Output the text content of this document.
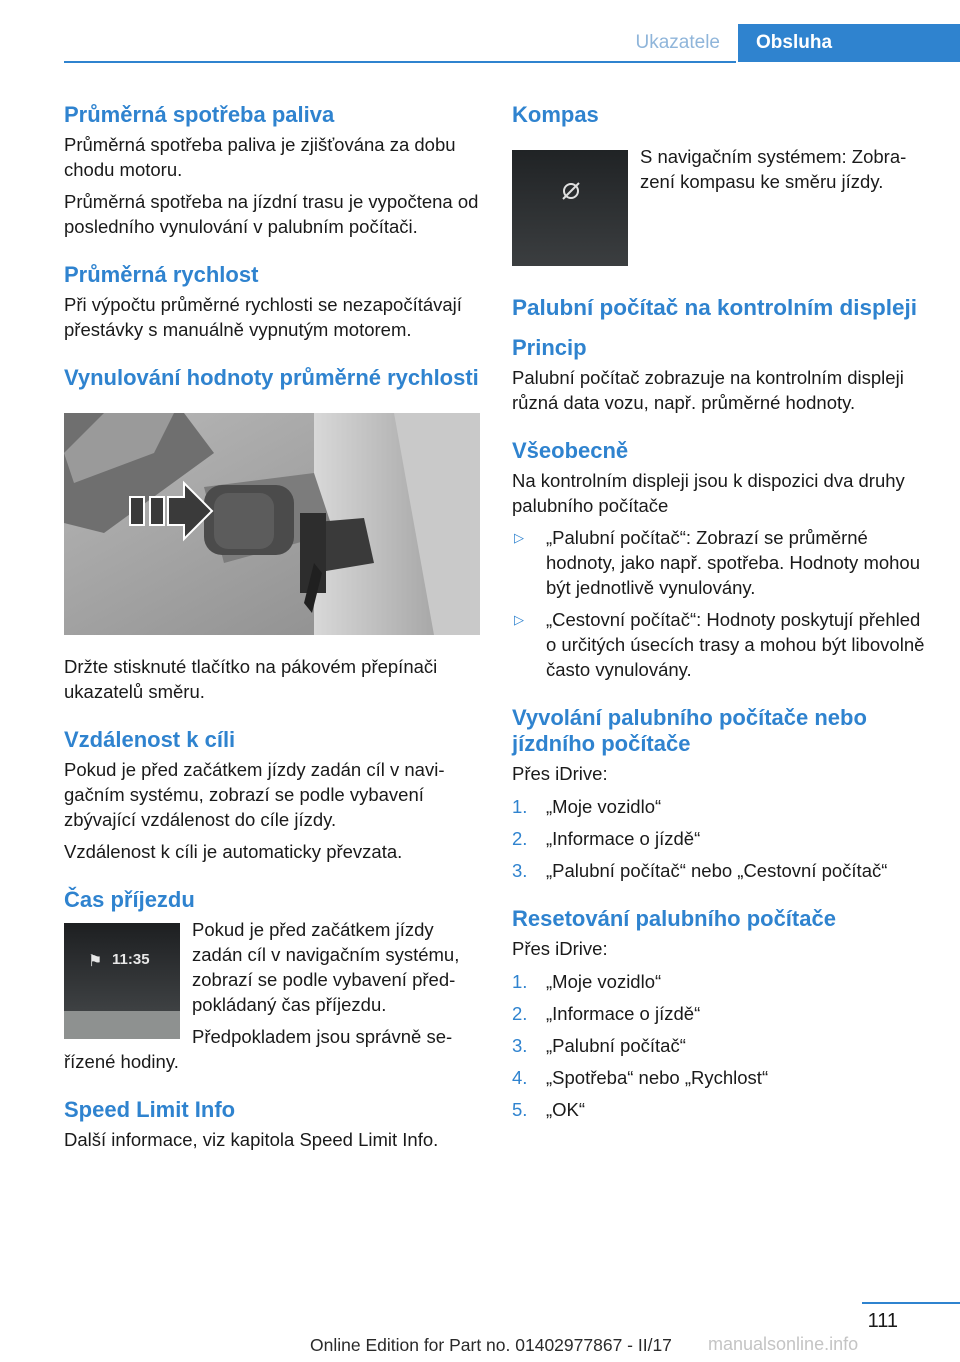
Ukazatele	Obsluha
Průměrná spotřeba paliva

Průměrná spotřeba paliva je zjišťována za dobu chodu motoru.

Průměrná spotřeba na jízdní trasu je vypočtena od posledního vynulování v palubním počítači.

Průměrná rychlost

Při výpočtu průměrné rychlosti se nezapočítávají přestávky s manuálně vypnutým motorem.

Vynulování hodnoty průměrné rychlosti

Držte stisknuté tlačítko na pákovém přepínači ukazatelů směru.

Vzdálenost k cíli

Pokud je před začátkem jízdy zadán cíl v navigačním systému, zobrazí se podle vybavení zbývající vzdálenost do cíle jízdy.

Vzdálenost k cíli je automaticky převzata.

Čas příjezdu
⚑ 11:35

Pokud je před začátkem jízdy zadán cíl v navigačním systému, zobrazí se podle vybavení předpokládaný čas příjezdu.

Předpokladem jsou správně seřízené hodiny.

Speed Limit Info

Další informace, viz kapitola Speed Limit Info.

Kompas

S navigačním systémem: Zobrazení kompasu ke směru jízdy.

Palubní počítač na kontrolním displeji
Princip

Palubní počítač zobrazuje na kontrolním displeji různá data vozu, např. průměrné hodnoty.

Všeobecně

Na kontrolním displeji jsou k dispozici dva druhy palubního počítače

▷ „Palubní počítač“: Zobrazí se průměrné hodnoty, jako např. spotřeba. Hodnoty mohou být jednotlivě vynulovány.
▷ „Cestovní počítač“: Hodnoty poskytují přehled o určitých úsecích trasy a mohou být libovolně často vynulovány.
Vyvolání palubního počítače nebo jízdního počítače

Přes iDrive:

1. „Moje vozidlo“
2. „Informace o jízdě“
3. „Palubní počítač“ nebo „Cestovní počítač“
Resetování palubního počítače

Přes iDrive:

1. „Moje vozidlo“
2. „Informace o jízdě“
3. „Palubní počítač“
4. „Spotřeba“ nebo „Rychlost“
5. „OK“
111
Online Edition for Part no. 01402977867 - II/17 manualsonline.info
